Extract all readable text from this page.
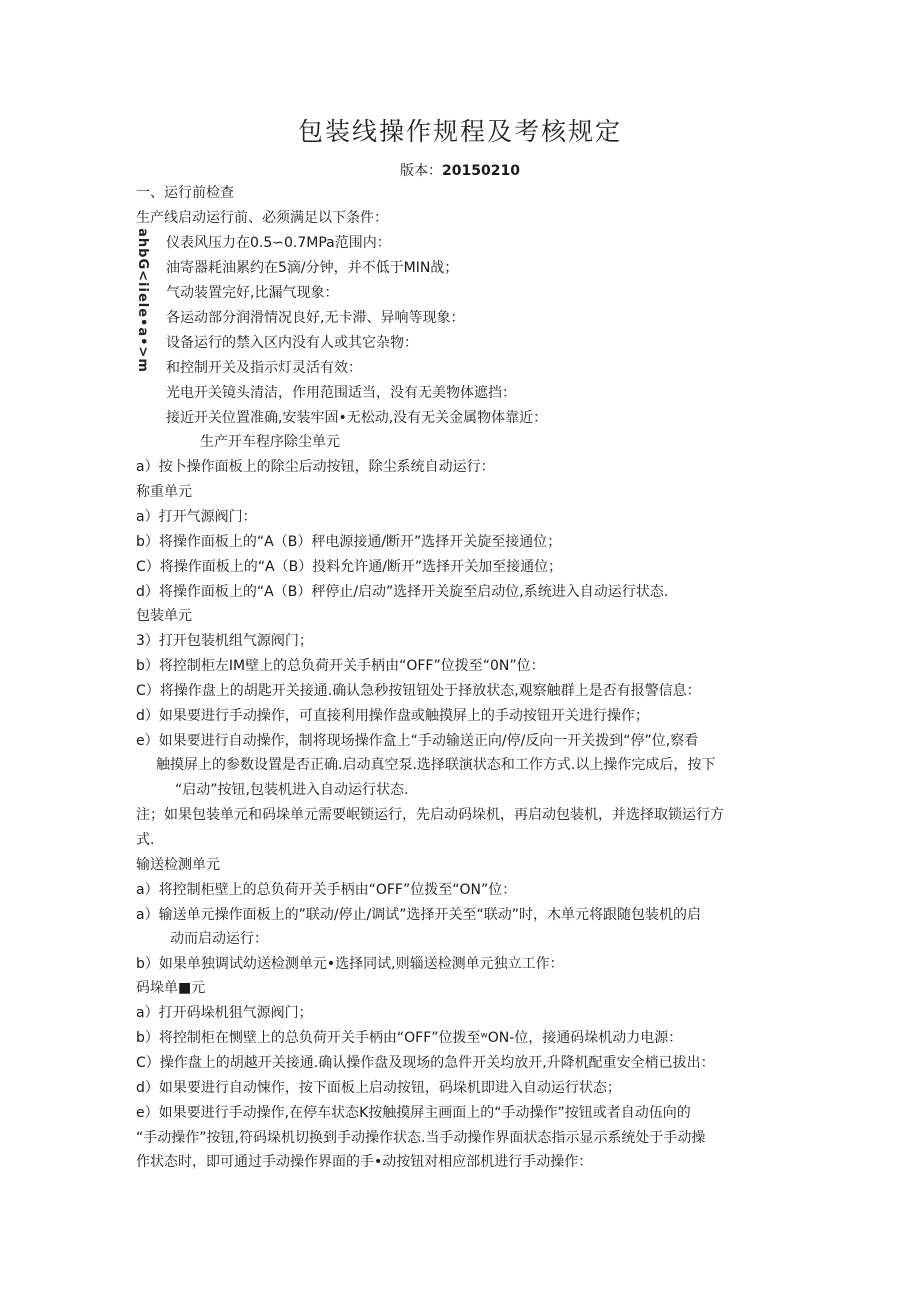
包装线操作规程及考核规定
版本：20150210
ahbG<iiele•a•>m
一、运行前检查
生产线启动运行前、必须满足以下条件：
仪表风压力在0.5∽0.7MPa范围内：
油寄器耗油累约在5滴/分钟，并不低于MIN战；
气动装置完好,比漏气现象：
各运动部分润滑情况良好,无卡滞、异响等现象：
设备运行的禁入区内没有人或其它杂物：
和控制开关及指示灯灵活有效：
光电开关镜头清洁，作用范围适当，没有无美物体遮挡：
接近开关位置准确,安装牢固•无松动,没有无关金属物体靠近：
生产开车程序除尘单元
a）按卜操作面板上的除尘后动按钮，除尘系统自动运行：
称重单元
a）打开气源阀门：
b）将操作面板上的“A（B）秤电源接通/断开”选择开关旋至接通位；
C）将操作面板上的“A（B）投料允许通/断开”选择开关加至接通位；
d）将操作面板上的“A（B）秤停止/启动”选择开关旋至启动位,系统进入自动运行状态.
包装单元
3）打开包装机组气源阀门；
b）将控制柜左IM壁上的总负荷开关手柄由“OFF”位拨至“0N”位：
C）将操作盘上的胡匙开关接通.确认急秒按钮钮处于择放状态,观察触群上是否有报警信息：
d）如果要进行手动操作，可直接利用操作盘或触摸屏上的手动按钮开关进行操作；
e）如果要进行自动操作，制将现场操作盒上“手动输送正向/停/反向一开关拨到“停”位,察看
触摸屏上的参数设置是否正确.启动真空泵.选择联演状态和工作方式.以上操作完成后，按下
“启动”按钮,包装机进入自动运行状态.
注；如果包装单元和码垛单元需要岷锁运行，先启动码垛机，再启动包装机，并选择取锁运行方
式.
输送检测单元
a）将控制柜壁上的总负荷开关手柄由“OFF”位拨至“ON”位：
a）输送单元操作面板上的”联动/停止/调试”选择开关至“联动”时，木单元将跟随包装机的启
动而启动运行：
b）如果单独调试幼送检测单元•选择同试,则辎送检测单元独立工作：
码垛单■元
a）打开码垛机狙气源阀门；
b）将控制柜在恻壁上的总负荷开关手柄由“OFF”位拨至ʷON-位，接通码垛机动力电源：
C）操作盘上的胡越开关接通.确认操作盘及现场的急件开关均放开,升降机配重安全梢已拔出：
d）如果要进行自动悚作，按下面板上启动按钮，码垛机即进入自动运行状态；
e）如果要进行手动操作,在停车状态K按触摸屏主画面上的“手动操作”按钮或者自动伍向的
“手动操作”按钮,符码垛机切换到手动操作状态.当手动操作界面状态指示显示系统处于手动操
作状态时，即可通过手动操作界面的手•动按钮对相应部机进行手动操作：
